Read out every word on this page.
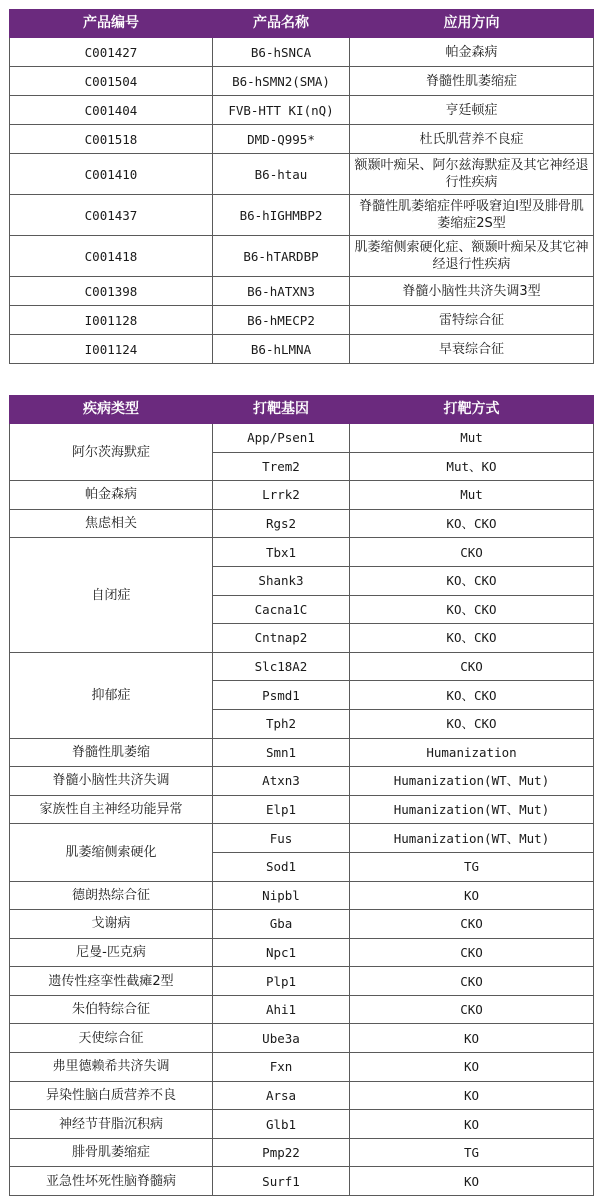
产品编号	产品名称	应用方向
C001427	B6-hSNCA	帕金森病
C001504	B6-hSMN2(SMA)	脊髓性肌萎缩症
C001404	FVB-HTT KI(nQ)	亨廷顿症
C001518	DMD-Q995*	杜氏肌营养不良症
C001410	B6-htau	额颞叶痴呆、阿尔兹海默症及其它神经退行性疾病
C001437	B6-hIGHMBP2	脊髓性肌萎缩症伴呼吸窘迫I型及腓骨肌萎缩症2S型
C001418	B6-hTARDBP	肌萎缩侧索硬化症、额颞叶痴呆及其它神经退行性疾病
C001398	B6-hATXN3	脊髓小脑性共济失调3型
I001128	B6-hMECP2	雷特综合征
I001124	B6-hLMNA	早衰综合征
疾病类型	打靶基因	打靶方式
阿尔茨海默症	App/Psen1	Mut
	Trem2	Mut、KO
帕金森病	Lrrk2	Mut
焦虑相关	Rgs2	KO、CKO
自闭症	Tbx1	CKO
	Shank3	KO、CKO
	Cacna1C	KO、CKO
	Cntnap2	KO、CKO
抑郁症	Slc18A2	CKO
	Psmd1	KO、CKO
	Tph2	KO、CKO
脊髓性肌萎缩	Smn1	Humanization
脊髓小脑性共济失调	Atxn3	Humanization(WT、Mut)
家族性自主神经功能异常	Elp1	Humanization(WT、Mut)
肌萎缩侧索硬化	Fus	Humanization(WT、Mut)
	Sod1	TG
德朗热综合征	Nipbl	KO
戈谢病	Gba	CKO
尼曼-匹克病	Npc1	CKO
遗传性痉挛性截瘫2型	Plp1	CKO
朱伯特综合征	Ahi1	CKO
天使综合征	Ube3a	KO
弗里德赖希共济失调	Fxn	KO
异染性脑白质营养不良	Arsa	KO
神经节苷脂沉积病	Glb1	KO
腓骨肌萎缩症	Pmp22	TG
亚急性坏死性脑脊髓病	Surf1	KO
